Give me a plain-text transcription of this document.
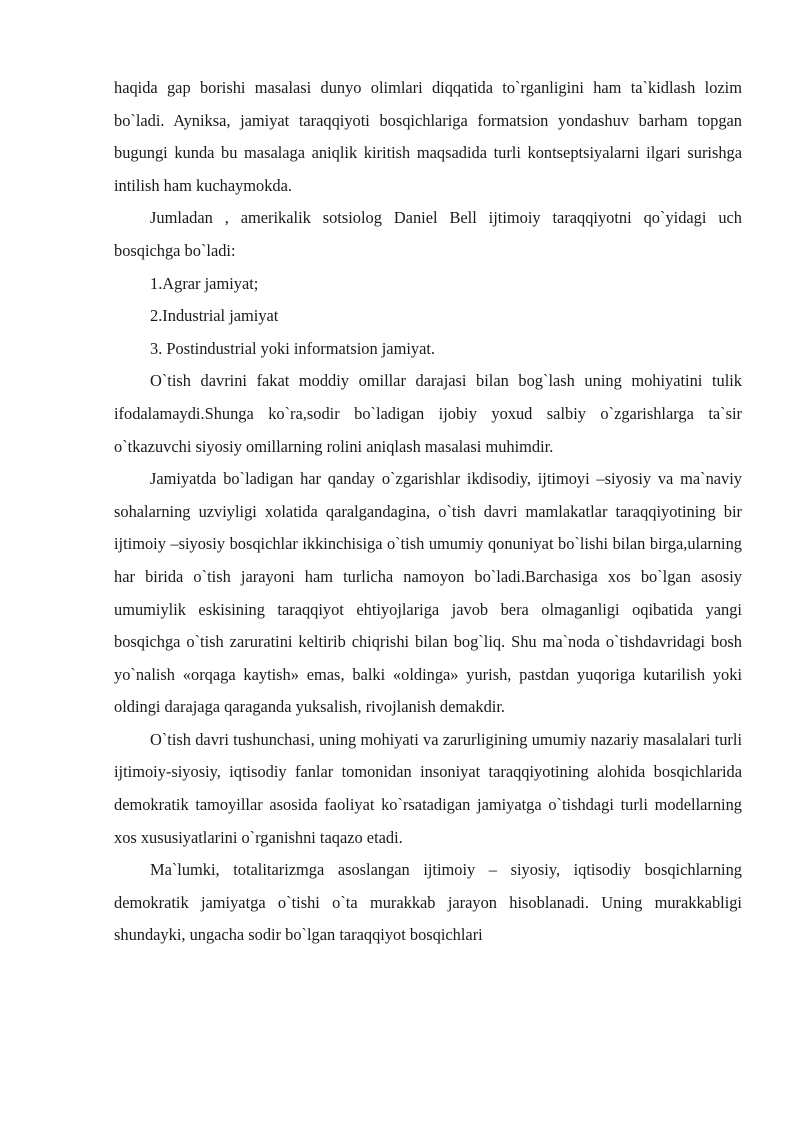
haqida gap borishi masalasi dunyo olimlari diqqatida to`rganligini ham ta`kidlash lozim bo`ladi. Ayniksa, jamiyat taraqqiyoti bosqichlariga formatsion yondashuv barham topgan bugungi kunda bu masalaga aniqlik kiritish maqsadida turli kontseptsiyalarni ilgari surishga intilish ham kuchaymokda.

Jumladan , amerikalik sotsiolog Daniel Bell ijtimoiy taraqqiyotni qo`yidagi uch bosqichga bo`ladi:

1.Agrar jamiyat;

2.Industrial jamiyat

3. Postindustrial yoki informatsion jamiyat.

O`tish davrini fakat moddiy omillar darajasi bilan bog`lash uning mohiyatini tulik ifodalamaydi.Shunga ko`ra,sodir bo`ladigan ijobiy yoxud salbiy o`zgarishlarga ta`sir o`tkazuvchi siyosiy omillarning rolini aniqlash masalasi muhimdir.

Jamiyatda bo`ladigan har qanday o`zgarishlar ikdisodiy, ijtimoyi –siyosiy va ma`naviy sohalarning uzviyligi xolatida qaralgandagina, o`tish davri mamlakatlar taraqqiyotining bir ijtimoiy –siyosiy bosqichlar ikkinchisiga o`tish umumiy qonuniyat bo`lishi bilan birga,ularning har birida o`tish jarayoni ham turlicha namoyon bo`ladi.Barchasiga xos bo`lgan asosiy umumiylik eskisining taraqqiyot ehtiyojlariga javob bera olmaganligi oqibatida yangi bosqichga o`tish zaruratini keltirib chiqrishi bilan bog`liq. Shu ma`noda o`tishdavridagi bosh yo`nalish «orqaga kaytish» emas, balki «oldinga» yurish, pastdan yuqoriga kutarilish yoki oldingi darajaga qaraganda yuksalish, rivojlanish demakdir.

O`tish davri tushunchasi, uning mohiyati va zarurligining umumiy nazariy masalalari turli ijtimoiy-siyosiy, iqtisodiy fanlar tomonidan insoniyat taraqqiyotining alohida bosqichlarida demokratik tamoyillar asosida faoliyat ko`rsatadigan jamiyatga o`tishdagi turli modellarning xos xususiyatlarini o`rganishni taqazo etadi.

Ma`lumki, totalitarizmga asoslangan ijtimoiy – siyosiy, iqtisodiy bosqichlarning demokratik jamiyatga o`tishi o`ta murakkab jarayon hisoblanadi. Uning murakkabligi shundayki, ungacha sodir bo`lgan taraqqiyot bosqichlari
